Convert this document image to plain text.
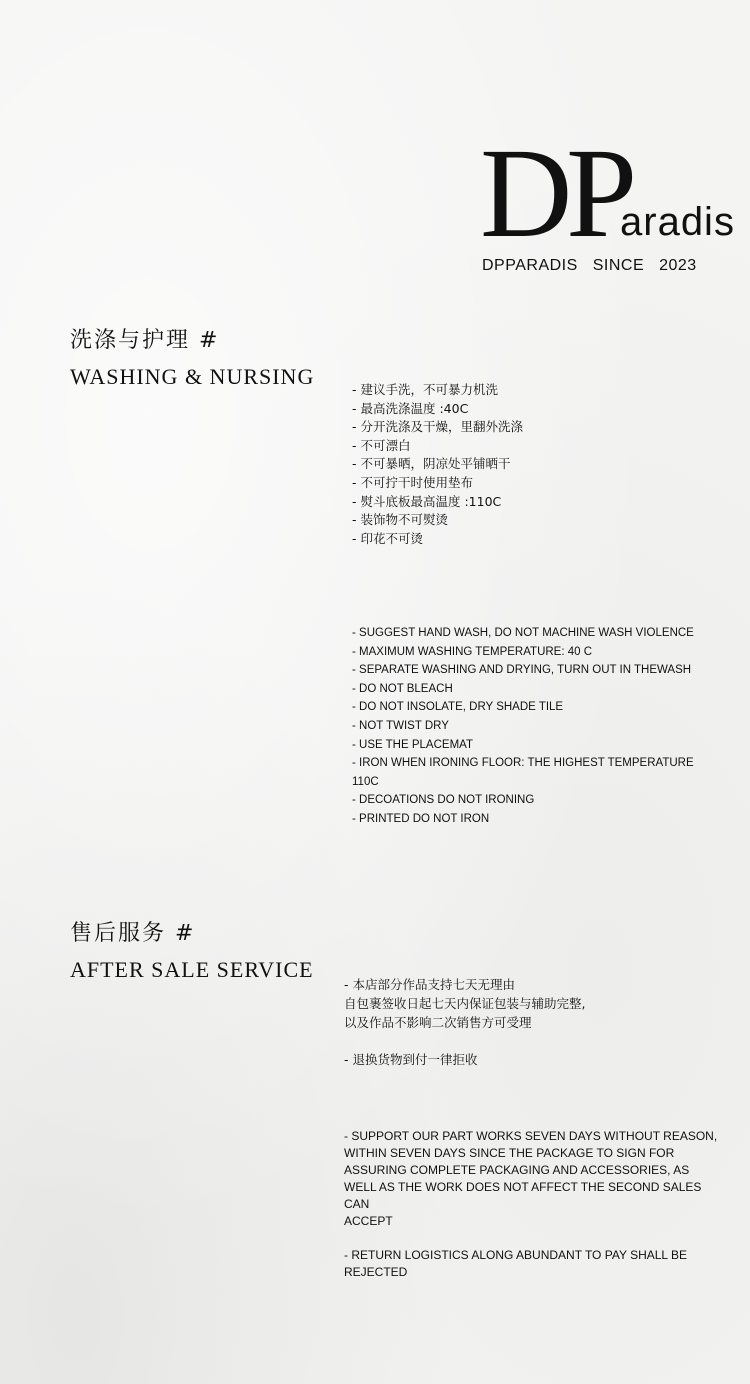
D
P
aradis
DPPARADIS SINCE 2023
洗涤与护理 #
WASHING & NURSING
- 建议手洗，不可暴力机洗
- 最高洗涤温度 :40C
- 分开洗涤及干燥，里翻外洗涤
- 不可漂白
- 不可暴晒，阴凉处平铺晒干
- 不可拧干时使用垫布
- 熨斗底板最高温度 :110C
- 装饰物不可熨烫
- 印花不可烫
- SUGGEST HAND WASH, DO NOT MACHINE WASH VIOLENCE
- MAXIMUM WASHING TEMPERATURE: 40 C
- SEPARATE WASHING AND DRYING, TURN OUT IN THEWASH
- DO NOT BLEACH
- DO NOT INSOLATE, DRY SHADE TILE
- NOT TWIST DRY
- USE THE PLACEMAT
- IRON WHEN IRONING FLOOR: THE HIGHEST TEMPERATURE 110C
- DECOATIONS DO NOT IRONING
- PRINTED DO NOT IRON
售后服务 #
AFTER SALE SERVICE

- 本店部分作品支持七天无理由
自包裹签收日起七天内保证包装与辅助完整,
以及作品不影响二次销售方可受理

- 退换货物到付一律拒收

- SUPPORT OUR PART WORKS SEVEN DAYS WITHOUT REASON,
WITHIN SEVEN DAYS SINCE THE PACKAGE TO SIGN FOR
ASSURING COMPLETE PACKAGING AND ACCESSORIES, AS
WELL AS THE WORK DOES NOT AFFECT THE SECOND SALES CAN
ACCEPT

- RETURN LOGISTICS ALONG ABUNDANT TO PAY SHALL BE
REJECTED
